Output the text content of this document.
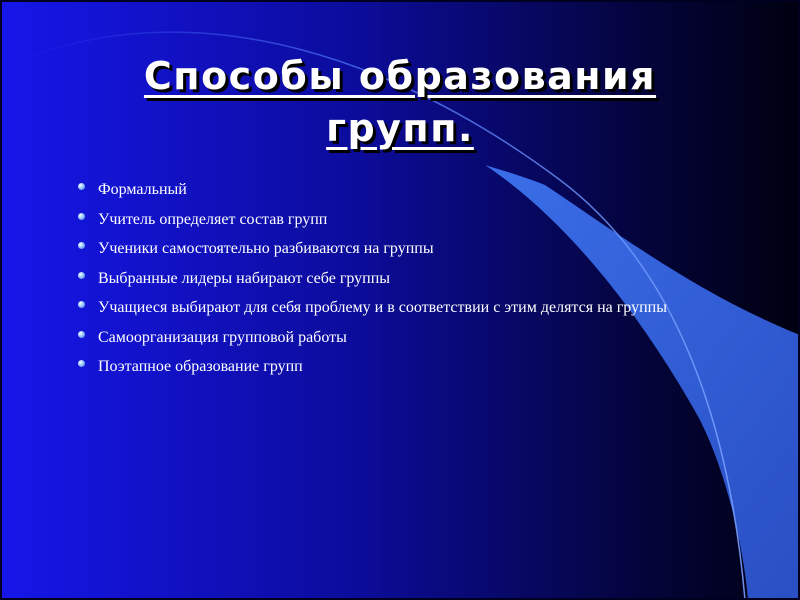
Способы образования
групп.
Формальный
Учитель определяет состав групп
Ученики самостоятельно разбиваются на группы
Выбранные лидеры набирают себе группы
Учащиеся выбирают для себя проблему и в соответствии с этим делятся на группы
Самоорганизация групповой работы
Поэтапное образование групп
